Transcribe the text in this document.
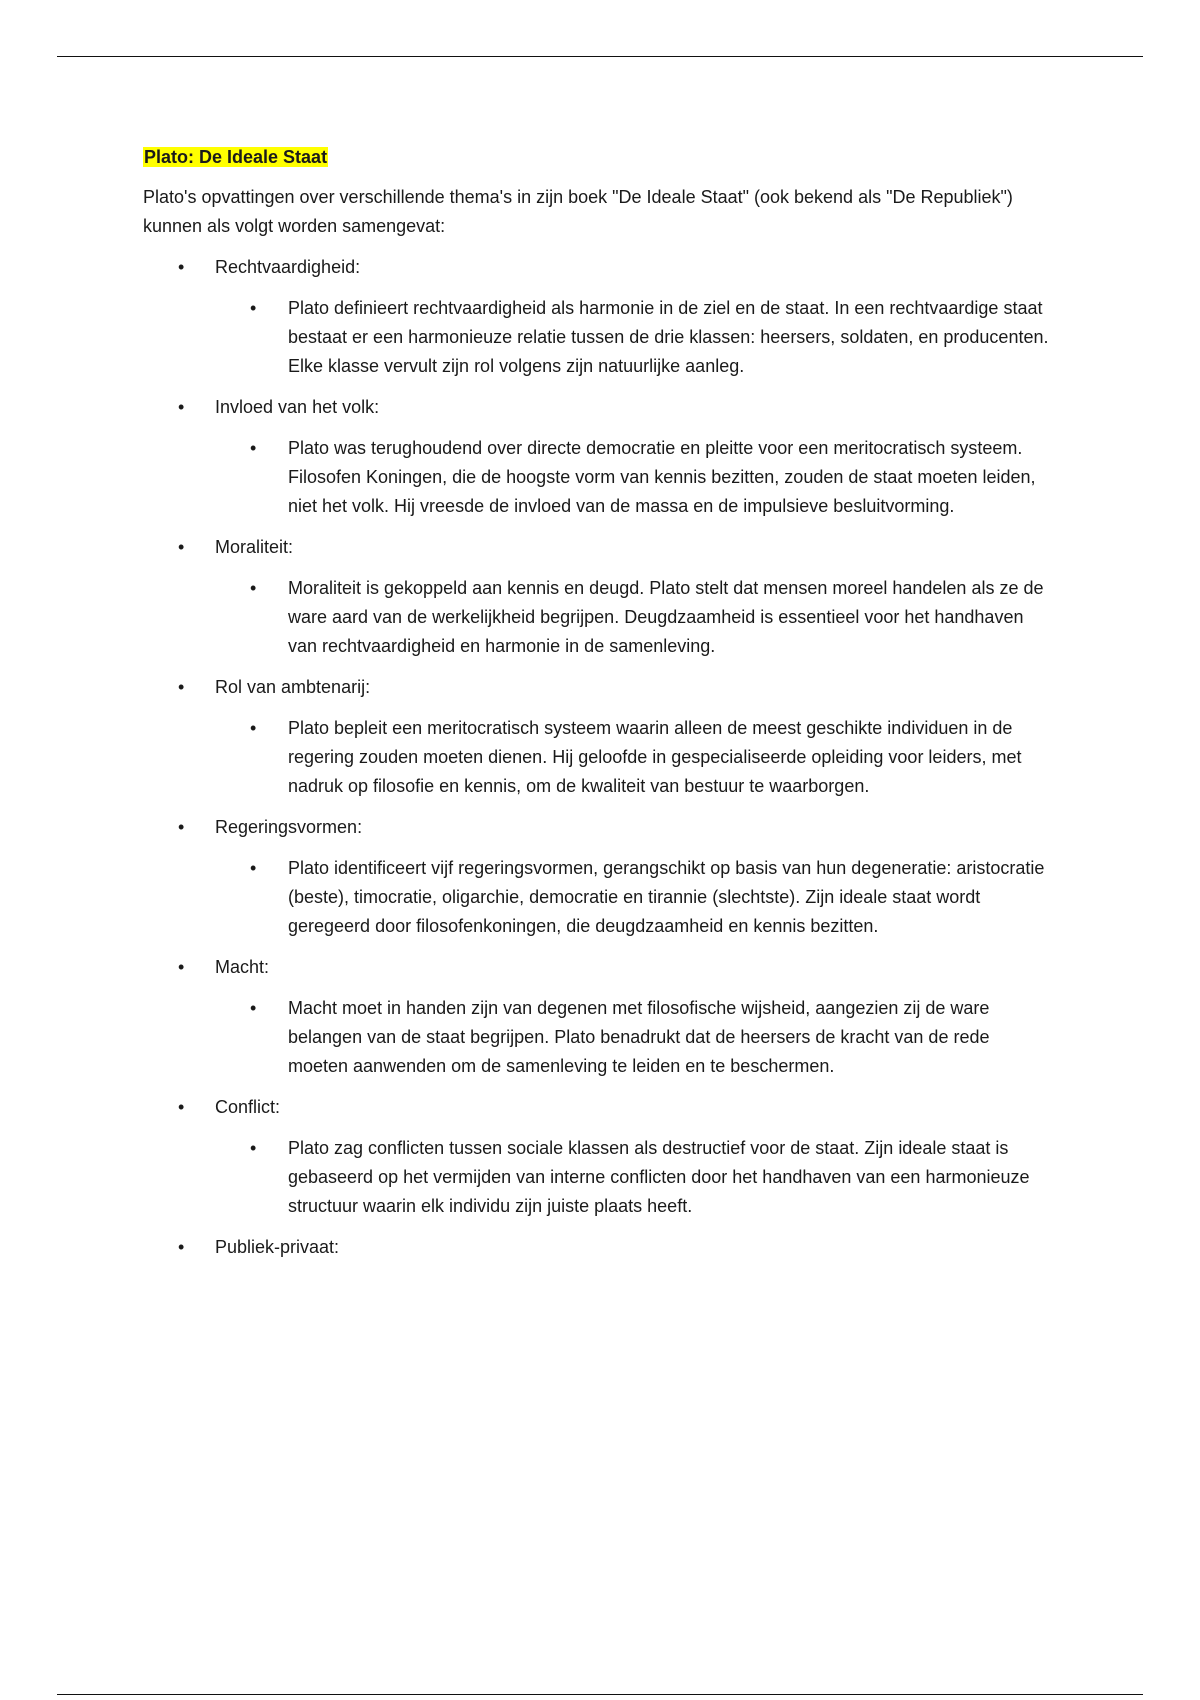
Plato: De Ideale Staat

Plato's opvattingen over verschillende thema's in zijn boek "De Ideale Staat" (ook bekend als "De Republiek") kunnen als volgt worden samengevat:

• Rechtvaardigheid:
• Plato definieert rechtvaardigheid als harmonie in de ziel en de staat. In een rechtvaardige staat bestaat er een harmonieuze relatie tussen de drie klassen: heersers, soldaten, en producenten. Elke klasse vervult zijn rol volgens zijn natuurlijke aanleg.
• Invloed van het volk:
• Plato was terughoudend over directe democratie en pleitte voor een meritocratisch systeem. Filosofen Koningen, die de hoogste vorm van kennis bezitten, zouden de staat moeten leiden, niet het volk. Hij vreesde de invloed van de massa en de impulsieve besluitvorming.
• Moraliteit:
• Moraliteit is gekoppeld aan kennis en deugd. Plato stelt dat mensen moreel handelen als ze de ware aard van de werkelijkheid begrijpen. Deugdzaamheid is essentieel voor het handhaven van rechtvaardigheid en harmonie in de samenleving.
• Rol van ambtenarij:
• Plato bepleit een meritocratisch systeem waarin alleen de meest geschikte individuen in de regering zouden moeten dienen. Hij geloofde in gespecialiseerde opleiding voor leiders, met nadruk op filosofie en kennis, om de kwaliteit van bestuur te waarborgen.
• Regeringsvormen:
• Plato identificeert vijf regeringsvormen, gerangschikt op basis van hun degeneratie: aristocratie (beste), timocratie, oligarchie, democratie en tirannie (slechtste). Zijn ideale staat wordt geregeerd door filosofenkoningen, die deugdzaamheid en kennis bezitten.
• Macht:
• Macht moet in handen zijn van degenen met filosofische wijsheid, aangezien zij de ware belangen van de staat begrijpen. Plato benadrukt dat de heersers de kracht van de rede moeten aanwenden om de samenleving te leiden en te beschermen.
• Conflict:
• Plato zag conflicten tussen sociale klassen als destructief voor de staat. Zijn ideale staat is gebaseerd op het vermijden van interne conflicten door het handhaven van een harmonieuze structuur waarin elk individu zijn juiste plaats heeft.
• Publiek-privaat:
